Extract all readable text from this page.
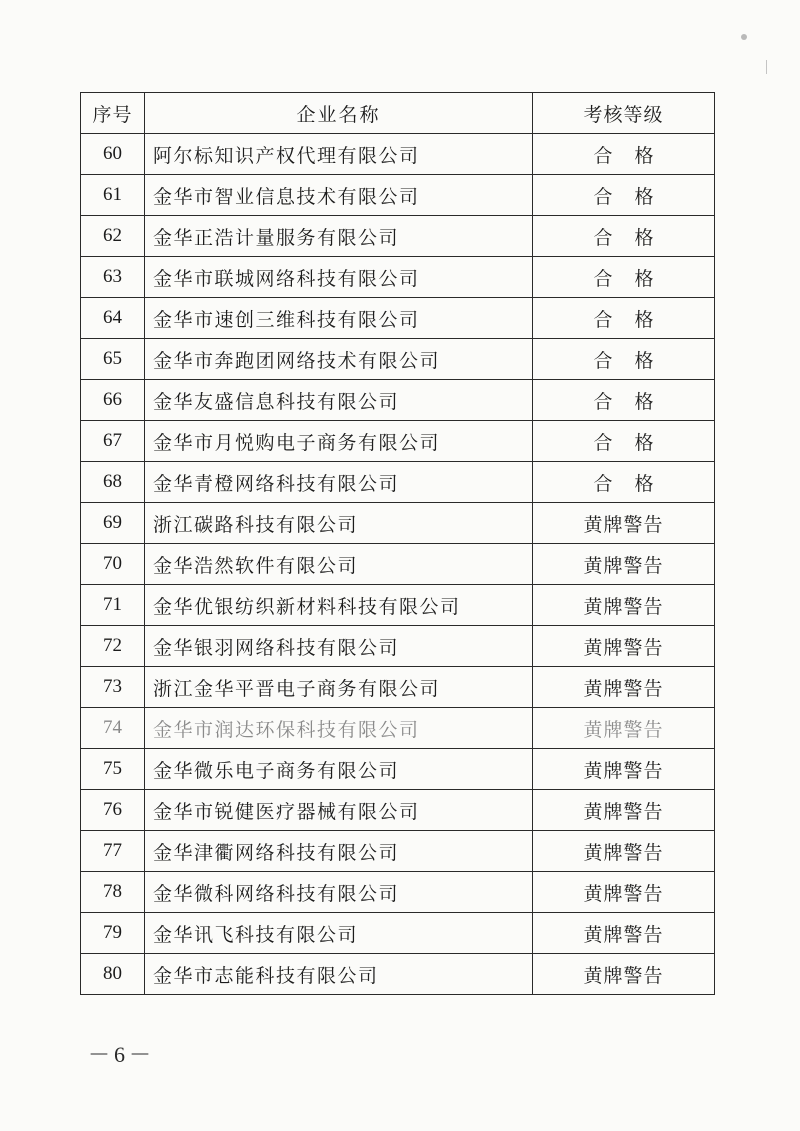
序号	企业名称	考核等级
60	阿尔标知识产权代理有限公司	合格
61	金华市智业信息技术有限公司	合格
62	金华正浩计量服务有限公司	合格
63	金华市联城网络科技有限公司	合格
64	金华市速创三维科技有限公司	合格
65	金华市奔跑团网络技术有限公司	合格
66	金华友盛信息科技有限公司	合格
67	金华市月悦购电子商务有限公司	合格
68	金华青橙网络科技有限公司	合格
69	浙江碳路科技有限公司	黄牌警告
70	金华浩然软件有限公司	黄牌警告
71	金华优银纺织新材料科技有限公司	黄牌警告
72	金华银羽网络科技有限公司	黄牌警告
73	浙江金华平晋电子商务有限公司	黄牌警告
74	金华市润达环保科技有限公司	黄牌警告
75	金华微乐电子商务有限公司	黄牌警告
76	金华市锐健医疗器械有限公司	黄牌警告
77	金华津衢网络科技有限公司	黄牌警告
78	金华微科网络科技有限公司	黄牌警告
79	金华讯飞科技有限公司	黄牌警告
80	金华市志能科技有限公司	黄牌警告
－6－
